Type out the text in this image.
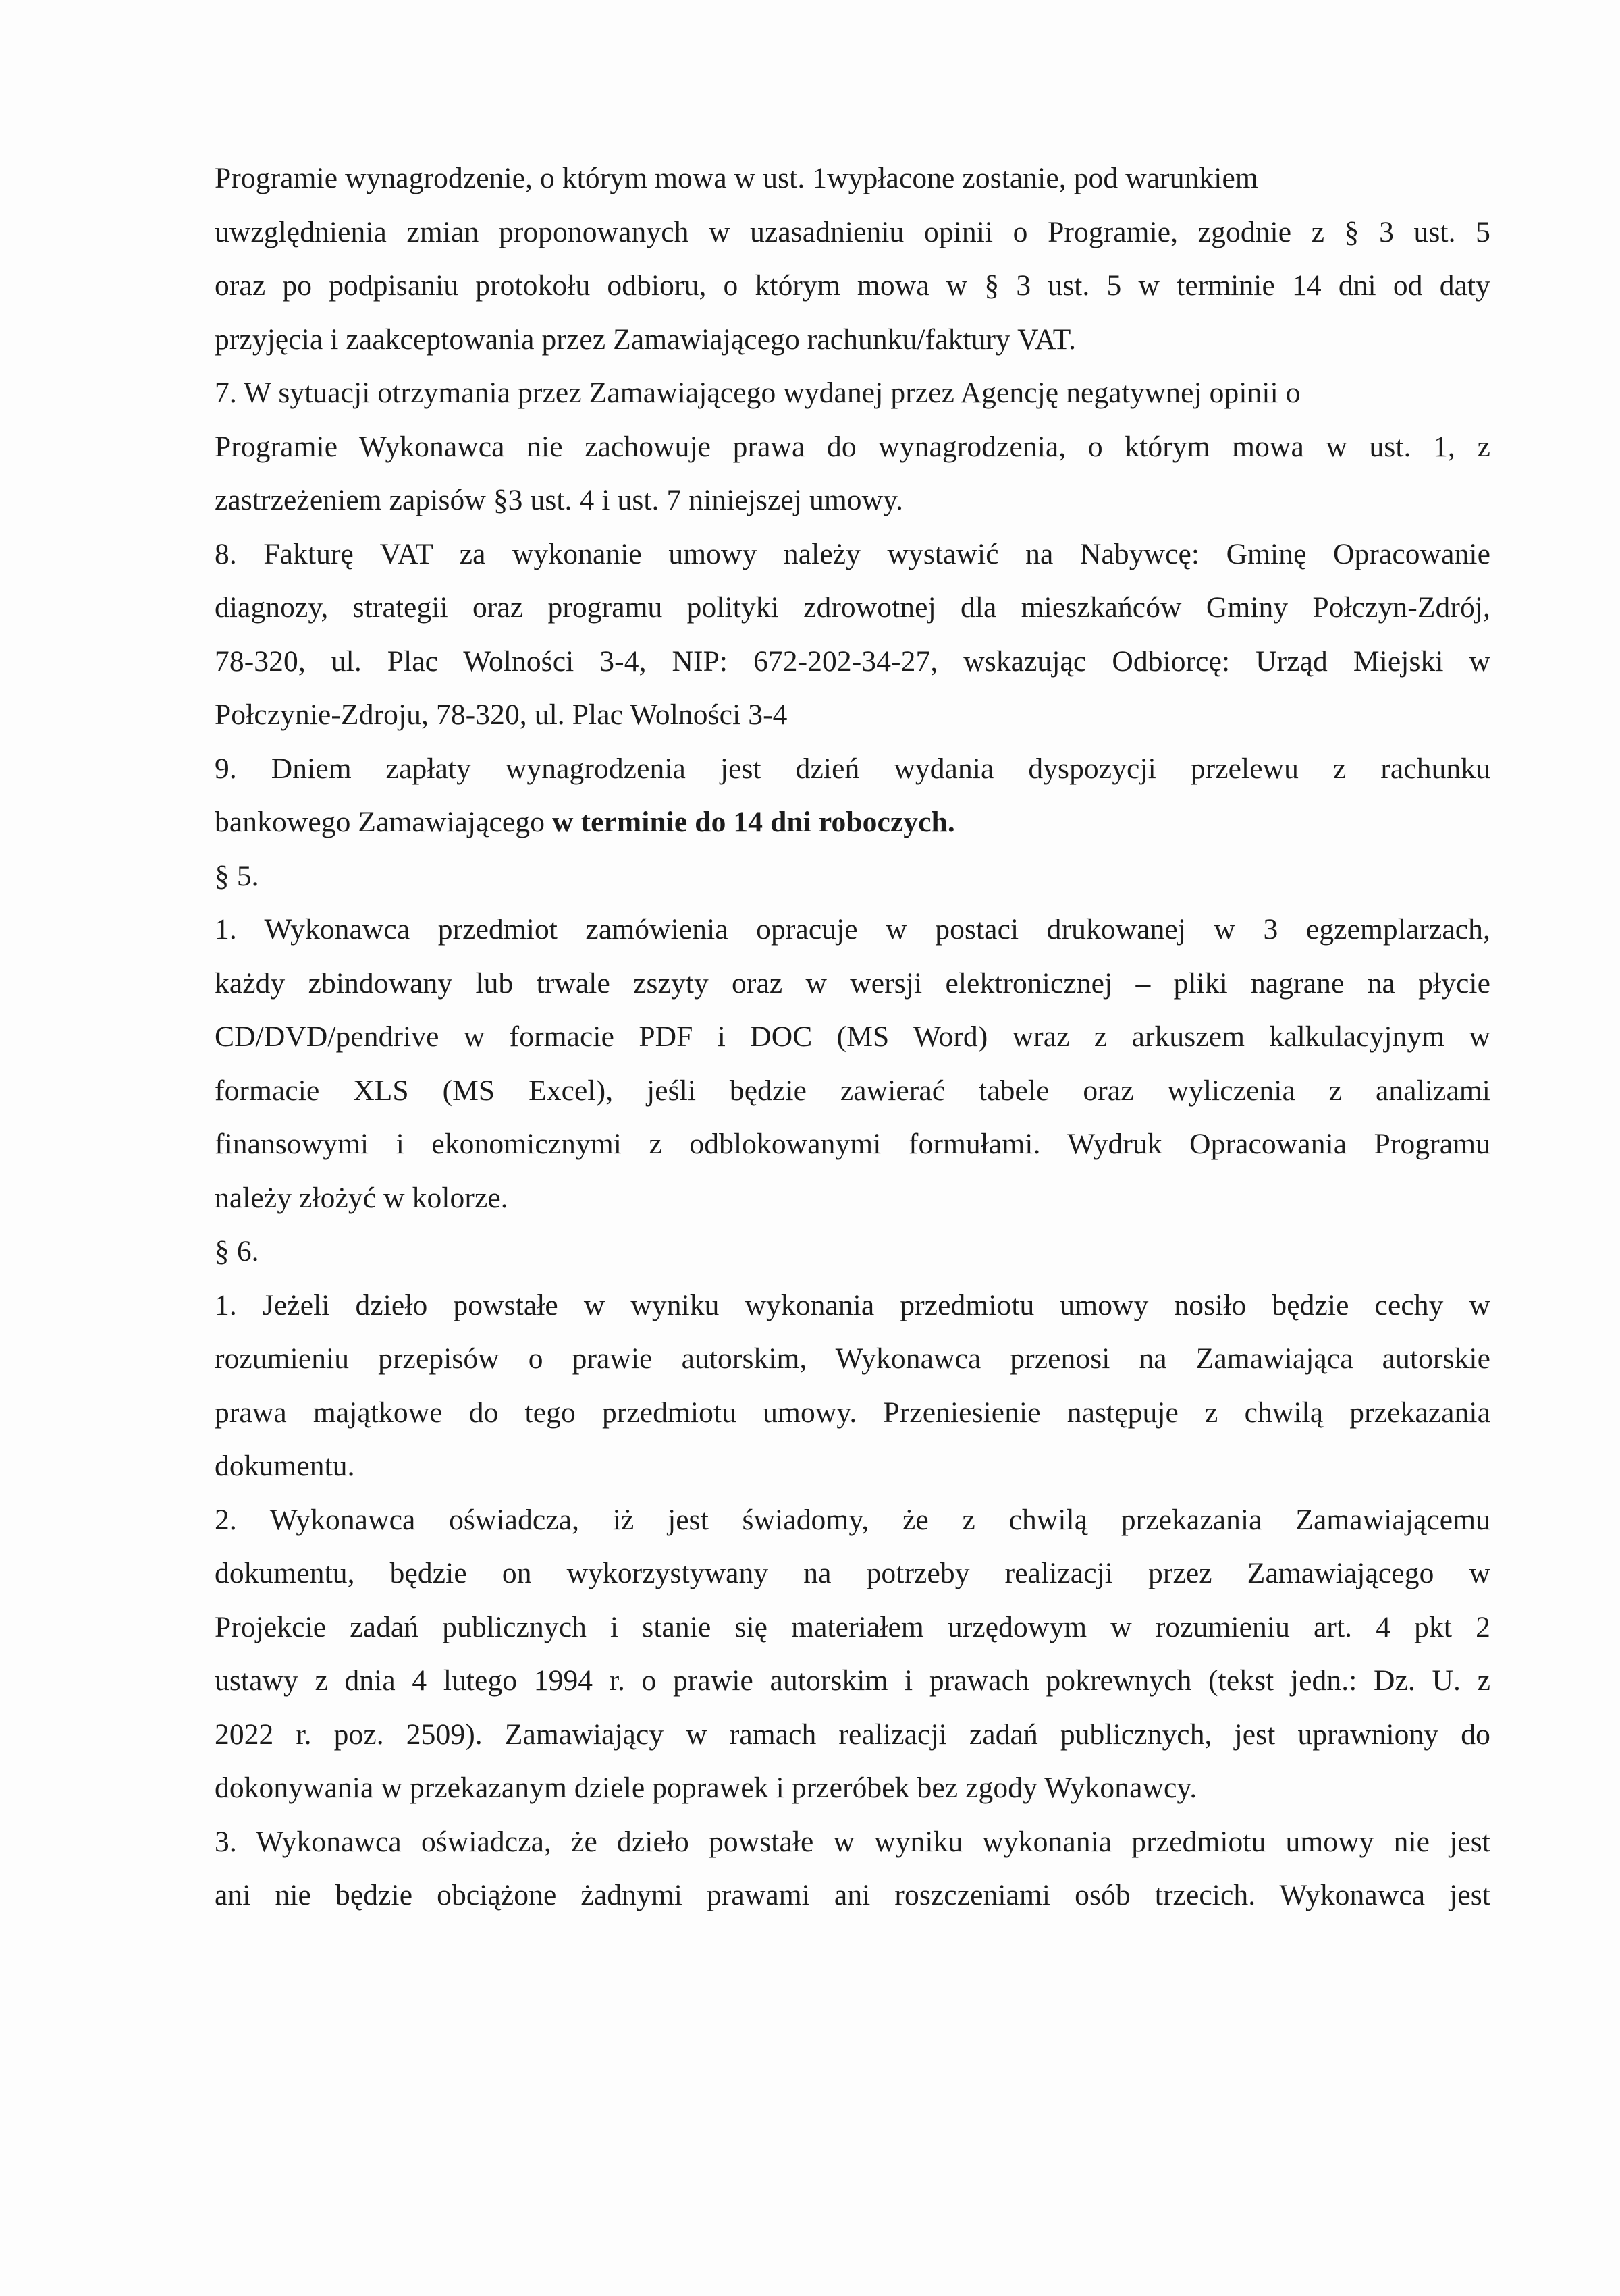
Programie wynagrodzenie, o którym mowa w ust. 1wypłacone zostanie, pod warunkiem
uwzględnienia zmian proponowanych w uzasadnieniu opinii o Programie, zgodnie z § 3 ust. 5
oraz po podpisaniu protokołu odbioru, o którym mowa w § 3 ust. 5 w terminie 14 dni od daty
przyjęcia i zaakceptowania przez Zamawiającego rachunku/faktury VAT.
7. W sytuacji otrzymania przez Zamawiającego wydanej przez Agencję negatywnej opinii o
Programie Wykonawca nie zachowuje prawa do wynagrodzenia, o którym mowa w ust. 1, z
zastrzeżeniem zapisów §3 ust. 4 i ust. 7 niniejszej umowy.
8. Fakturę VAT za wykonanie umowy należy wystawić na Nabywcę: Gminę Opracowanie
diagnozy, strategii oraz programu polityki zdrowotnej dla mieszkańców Gminy Połczyn-Zdrój,
78-320, ul. Plac Wolności 3-4, NIP: 672-202-34-27, wskazując Odbiorcę: Urząd Miejski w
Połczynie-Zdroju, 78-320, ul. Plac Wolności 3-4
9. Dniem zapłaty wynagrodzenia jest dzień wydania dyspozycji przelewu z rachunku
bankowego Zamawiającego w terminie do 14 dni roboczych.
§ 5.
1. Wykonawca przedmiot zamówienia opracuje w postaci drukowanej w 3 egzemplarzach,
każdy zbindowany lub trwale zszyty oraz w wersji elektronicznej – pliki nagrane na płycie
CD/DVD/pendrive w formacie PDF i DOC (MS Word) wraz z arkuszem kalkulacyjnym w
formacie XLS (MS Excel), jeśli będzie zawierać tabele oraz wyliczenia z analizami
finansowymi i ekonomicznymi z odblokowanymi formułami. Wydruk Opracowania Programu
należy złożyć w kolorze.
§ 6.
1. Jeżeli dzieło powstałe w wyniku wykonania przedmiotu umowy nosiło będzie cechy w
rozumieniu przepisów o prawie autorskim, Wykonawca przenosi na Zamawiająca autorskie
prawa majątkowe do tego przedmiotu umowy. Przeniesienie następuje z chwilą przekazania
dokumentu.
2. Wykonawca oświadcza, iż jest świadomy, że z chwilą przekazania Zamawiającemu
dokumentu, będzie on wykorzystywany na potrzeby realizacji przez Zamawiającego w
Projekcie zadań publicznych i stanie się materiałem urzędowym w rozumieniu art. 4 pkt 2
ustawy z dnia 4 lutego 1994 r. o prawie autorskim i prawach pokrewnych (tekst jedn.: Dz. U. z
2022 r. poz. 2509). Zamawiający w ramach realizacji zadań publicznych, jest uprawniony do
dokonywania w przekazanym dziele poprawek i przeróbek bez zgody Wykonawcy.
3. Wykonawca oświadcza, że dzieło powstałe w wyniku wykonania przedmiotu umowy nie jest
ani nie będzie obciążone żadnymi prawami ani roszczeniami osób trzecich. Wykonawca jest
